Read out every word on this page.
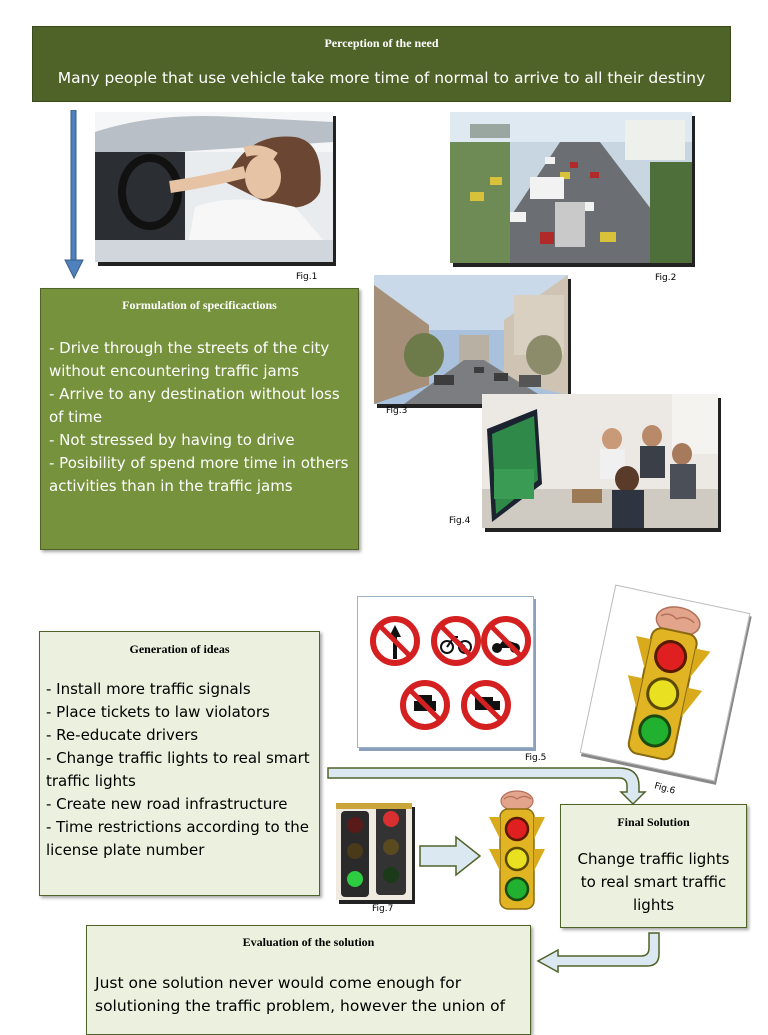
Perception of the need
Many people that use vehicle take more time of normal to arrive to all their destiny
Fig.1	Fig.2
Formulation of specificactions
- Drive through the streets of the city without encountering traffic jams
- Arrive to any destination without loss of time
- Not stressed by having to drive
- Posibility of spend more time in others activities than in the traffic jams
Fig.3
Fig.4
Generation of ideas
- Install more traffic signals
- Place tickets to law violators
- Re-educate drivers
- Change traffic lights to real smart traffic lights
- Create new road infrastructure
- Time restrictions according to the license plate number
Fig.5
Fig.6
Fig.7
Final Solution
Change traffic lights to real smart traffic lights
Evaluation of the solution
Just one solution never would come enough for solutioning the traffic problem, however the union of
